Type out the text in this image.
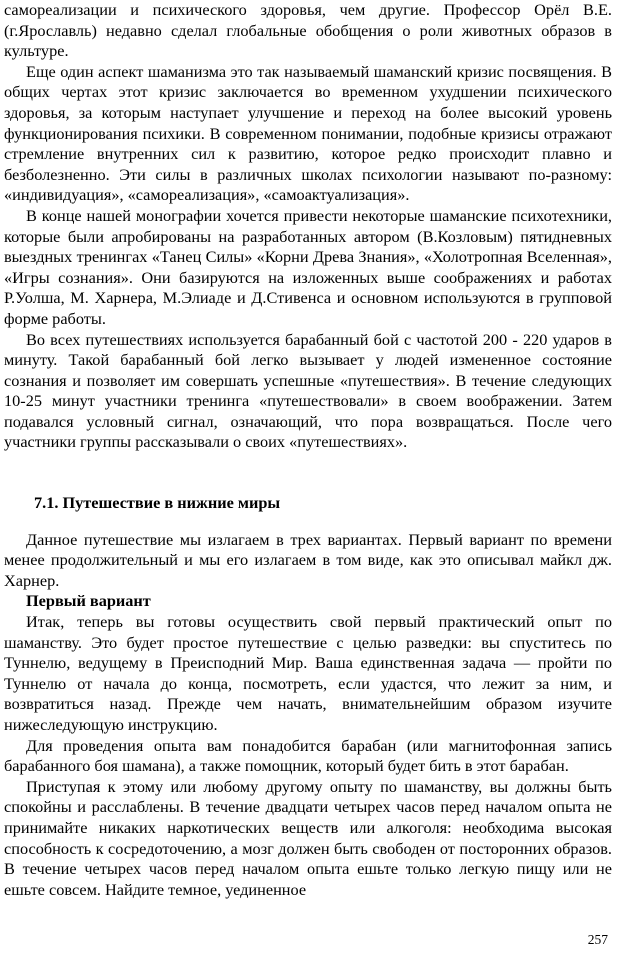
самореализации и психического здоровья, чем другие. Профессор Орёл В.Е. (г.Ярославль) недавно сделал глобальные обобщения о роли животных образов в культуре.

Еще один аспект шаманизма это так называемый шаманский кризис посвящения. В общих чертах этот кризис заключается во временном ухудшении психического здоровья, за которым наступает улучшение и переход на более высокий уровень функционирования психики. В современном понимании, подобные кризисы отражают стремление внутренних сил к развитию, которое редко происходит плавно и безболезненно. Эти силы в различных школах психологии называют по-разному: «индивидуация», «самореализация», «самоактуализация».

В конце нашей монографии хочется привести некоторые шаманские психотехники, которые были апробированы на разработанных автором (В.Козловым) пятидневных выездных тренингах «Танец Силы» «Корни Древа Знания», «Холотропная Вселенная», «Игры сознания». Они базируются на изложенных выше соображениях и работах Р.Уолша, М. Харнера, М.Элиаде и Д.Стивенса и основном используются в групповой форме работы.

Во всех путешествиях используется барабанный бой с частотой 200 - 220 ударов в минуту. Такой барабанный бой легко вызывает у людей измененное состояние сознания и позволяет им совершать успешные «путешествия». В течение следующих 10-25 минут участники тренинга «путешествовали» в своем воображении. Затем подавался условный сигнал, означающий, что пора возвращаться. После чего участники группы рассказывали о своих «путешествиях».

7.1. Путешествие в нижние миры

Данное путешествие мы излагаем в трех вариантах. Первый вариант по времени менее продолжительный и мы его излагаем в том виде, как это описывал майкл дж. Харнер.

Первый вариант

Итак, теперь вы готовы осуществить свой первый практический опыт по шаманству. Это будет простое путешествие с целью разведки: вы спуститесь по Туннелю, ведущему в Преисподний Мир. Ваша единственная задача — пройти по Туннелю от начала до конца, посмотреть, если удастся, что лежит за ним, и возвратиться назад. Прежде чем начать, внимательнейшим образом изучите нижеследующую инструкцию.

Для проведения опыта вам понадобится барабан (или магнитофонная запись барабанного боя шамана), а также помощник, который будет бить в этот барабан.

Приступая к этому или любому другому опыту по шаманству, вы должны быть спокойны и расслаблены. В течение двадцати четырех часов перед началом опыта не принимайте никаких наркотических веществ или алкоголя: необходима высокая способность к сосредоточению, а мозг должен быть свободен от посторонних образов. В течение четырех часов перед началом опыта ешьте только легкую пищу или не ешьте совсем. Найдите темное, уединенное

257
